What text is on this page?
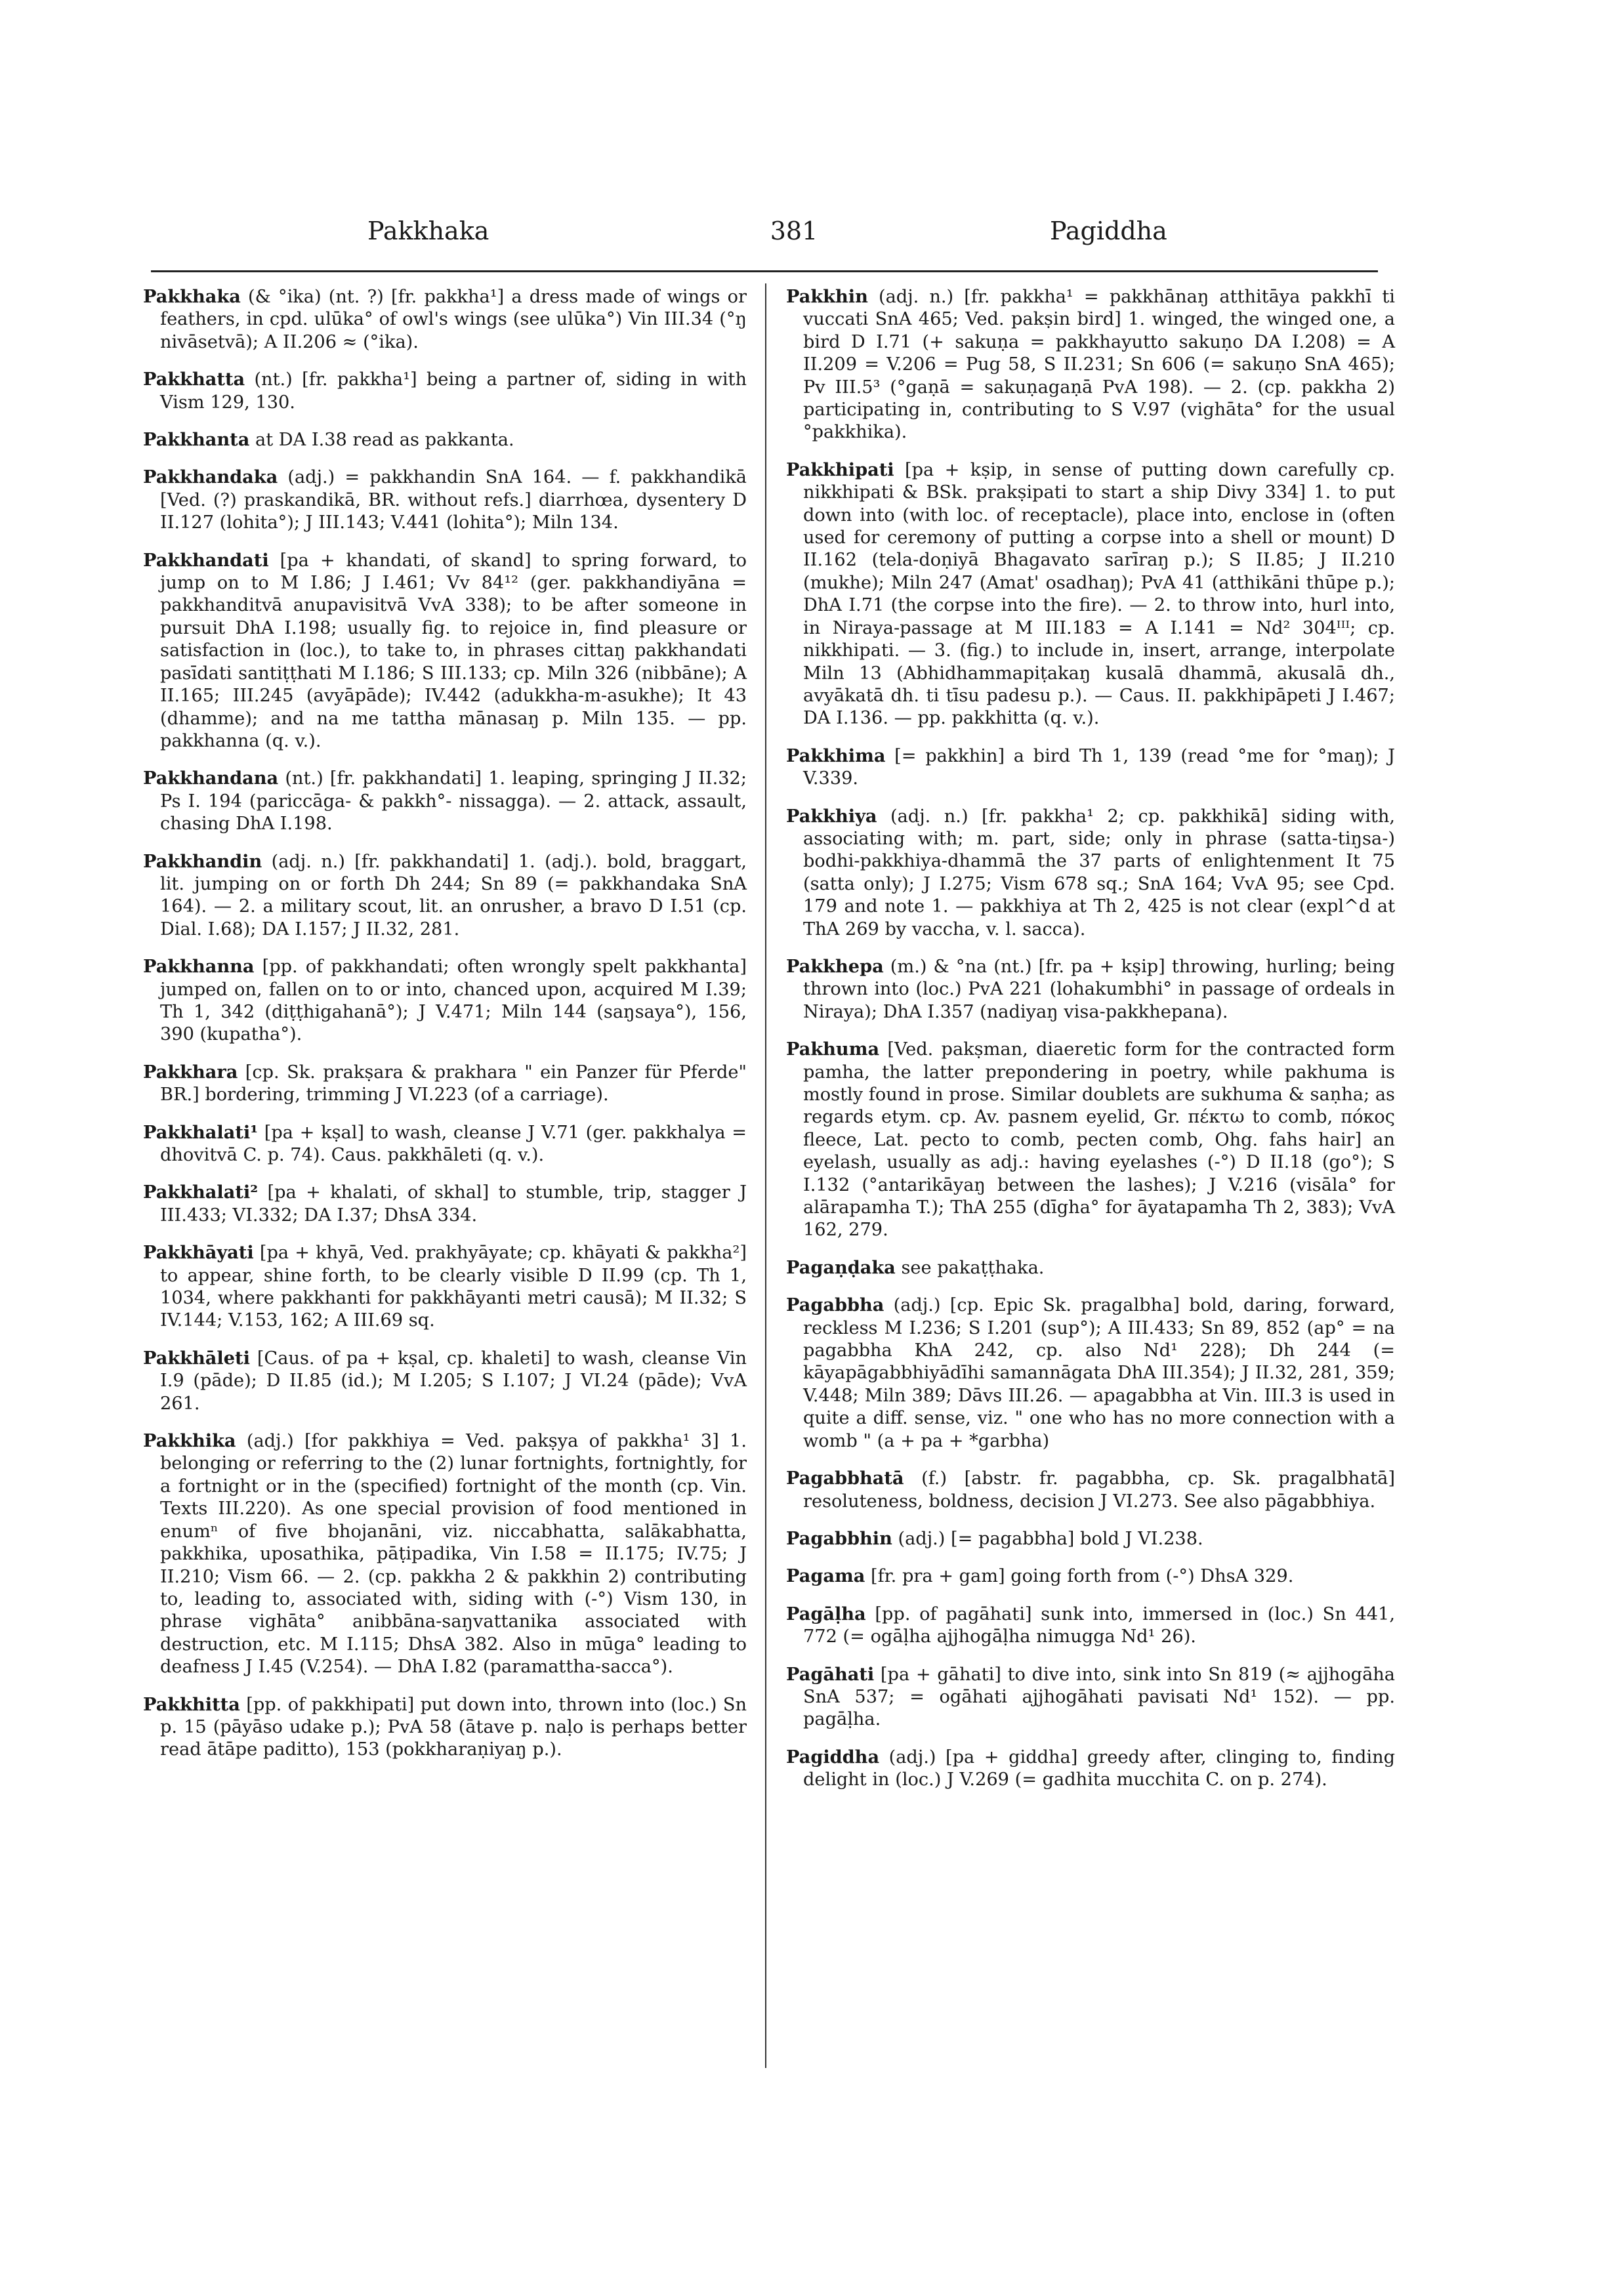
Pakkhaka	381	Pagiddha

Pakkhaka (& °ika) (nt. ?) [fr. pakkha¹] a dress made of wings or feathers, in cpd. ulūka° of owl's wings (see ulūka°) Vin III.34 (°ŋ nivāsetvā); A II.206 ≈ (°ika).

Pakkhatta (nt.) [fr. pakkha¹] being a partner of, siding in with Vism 129, 130.

Pakkhanta at DA I.38 read as pakkanta.

Pakkhandaka (adj.) = pakkhandin SnA 164. — f. pakkhandikā [Ved. (?) praskandikā, BR. without refs.] diarrhœa, dysentery D II.127 (lohita°); J III.143; V.441 (lohita°); Miln 134.

Pakkhandati [pa + khandati, of skand] to spring forward, to jump on to M I.86; J I.461; Vv 84¹² (ger. pakkhandiyāna = pakkhanditvā anupavisitvā VvA 338); to be after someone in pursuit DhA I.198; usually fig. to rejoice in, find pleasure or satisfaction in (loc.), to take to, in phrases cittaŋ pakkhandati pasīdati santiṭṭhati M I.186; S III.133; cp. Miln 326 (nibbāne); A II.165; III.245 (avyāpāde); IV.442 (adukkha-m-asukhe); It 43 (dhamme); and na me tattha mānasaŋ p. Miln 135. — pp. pakkhanna (q. v.).

Pakkhandana (nt.) [fr. pakkhandati] 1. leaping, springing J II.32; Ps I. 194 (pariccāga- & pakkh°- nissagga). — 2. attack, assault, chasing DhA I.198.

Pakkhandin (adj. n.) [fr. pakkhandati] 1. (adj.). bold, braggart, lit. jumping on or forth Dh 244; Sn 89 (= pakkhandaka SnA 164). — 2. a military scout, lit. an onrusher, a bravo D I.51 (cp. Dial. I.68); DA I.157; J II.32, 281.

Pakkhanna [pp. of pakkhandati; often wrongly spelt pakkhanta] jumped on, fallen on to or into, chanced upon, acquired M I.39; Th 1, 342 (diṭṭhigahanā°); J V.471; Miln 144 (saŋsaya°), 156, 390 (kupatha°).

Pakkhara [cp. Sk. prakṣara & prakhara " ein Panzer für Pferde" BR.] bordering, trimming J VI.223 (of a carriage).

Pakkhalati¹ [pa + kṣal] to wash, cleanse J V.71 (ger. pakkhalya = dhovitvā C. p. 74). Caus. pakkhāleti (q. v.).

Pakkhalati² [pa + khalati, of skhal] to stumble, trip, stagger J III.433; VI.332; DA I.37; DhsA 334.

Pakkhāyati [pa + khyā, Ved. prakhyāyate; cp. khāyati & pakkha²] to appear, shine forth, to be clearly visible D II.99 (cp. Th 1, 1034, where pakkhanti for pakkhāyanti metri causā); M II.32; S IV.144; V.153, 162; A III.69 sq.

Pakkhāleti [Caus. of pa + kṣal, cp. khaleti] to wash, cleanse Vin I.9 (pāde); D II.85 (id.); M I.205; S I.107; J VI.24 (pāde); VvA 261.

Pakkhika (adj.) [for pakkhiya = Ved. pakṣya of pakkha¹ 3] 1. belonging or referring to the (2) lunar fortnights, fortnightly, for a fortnight or in the (specified) fortnight of the month (cp. Vin. Texts III.220). As one special provision of food mentioned in enumⁿ of five bhojanāni, viz. niccabhatta, salākabhatta, pakkhika, uposathika, pāṭipadika, Vin I.58 = II.175; IV.75; J II.210; Vism 66. — 2. (cp. pakkha 2 & pakkhin 2) contributing to, leading to, associated with, siding with (-°) Vism 130, in phrase vighāta° anibbāna-saŋvattanika associated with destruction, etc. M I.115; DhsA 382. Also in mūga° leading to deafness J I.45 (V.254). — DhA I.82 (paramattha-sacca°).

Pakkhitta [pp. of pakkhipati] put down into, thrown into (loc.) Sn p. 15 (pāyāso udake p.); PvA 58 (ātave p. naḷo is perhaps better read ātāpe paditto), 153 (pokkharaṇiyaŋ p.).

Pakkhin (adj. n.) [fr. pakkha¹ = pakkhānaŋ atthitāya pakkhī ti vuccati SnA 465; Ved. pakṣin bird] 1. winged, the winged one, a bird D I.71 (+ sakuṇa = pakkhayutto sakuṇo DA I.208) = A II.209 = V.206 = Pug 58, S II.231; Sn 606 (= sakuṇo SnA 465); Pv III.5³ (°gaṇā = sakuṇagaṇā PvA 198). — 2. (cp. pakkha 2) participating in, contributing to S V.97 (vighāta° for the usual °pakkhika).

Pakkhipati [pa + kṣip, in sense of putting down carefully cp. nikkhipati & BSk. prakṣipati to start a ship Divy 334] 1. to put down into (with loc. of receptacle), place into, enclose in (often used for ceremony of putting a corpse into a shell or mount) D II.162 (tela-doṇiyā Bhagavato sarīraŋ p.); S II.85; J II.210 (mukhe); Miln 247 (Amat' osadhaŋ); PvA 41 (atthikāni thūpe p.); DhA I.71 (the corpse into the fire). — 2. to throw into, hurl into, in Niraya-passage at M III.183 = A I.141 = Nd² 304ᴵᴵᴵ; cp. nikkhipati. — 3. (fig.) to include in, insert, arrange, interpolate Miln 13 (Abhidhammapiṭakaŋ kusalā dhammā, akusalā dh., avyākatā dh. ti tīsu padesu p.). — Caus. II. pakkhipāpeti J I.467; DA I.136. — pp. pakkhitta (q. v.).

Pakkhima [= pakkhin] a bird Th 1, 139 (read °me for °maŋ); J V.339.

Pakkhiya (adj. n.) [fr. pakkha¹ 2; cp. pakkhikā] siding with, associating with; m. part, side; only in phrase (satta-tiŋsa-) bodhi-pakkhiya-dhammā the 37 parts of enlightenment It 75 (satta only); J I.275; Vism 678 sq.; SnA 164; VvA 95; see Cpd. 179 and note 1. — pakkhiya at Th 2, 425 is not clear (expl^d at ThA 269 by vaccha, v. l. sacca).

Pakkhepa (m.) & °na (nt.) [fr. pa + kṣip] throwing, hurling; being thrown into (loc.) PvA 221 (lohakumbhi° in passage of ordeals in Niraya); DhA I.357 (nadiyaŋ visa-pakkhepana).

Pakhuma [Ved. pakṣman, diaeretic form for the contracted form pamha, the latter prepondering in poetry, while pakhuma is mostly found in prose. Similar doublets are sukhuma & saṇha; as regards etym. cp. Av. pasnem eyelid, Gr. πέκτω to comb, πόκος fleece, Lat. pecto to comb, pecten comb, Ohg. fahs hair] an eyelash, usually as adj.: having eyelashes (-°) D II.18 (go°); S I.132 (°antarikāyaŋ between the lashes); J V.216 (visāla° for alārapamha T.); ThA 255 (dīgha° for āyatapamha Th 2, 383); VvA 162, 279.

Pagaṇḍaka see pakaṭṭhaka.

Pagabbha (adj.) [cp. Epic Sk. pragalbha] bold, daring, forward, reckless M I.236; S I.201 (sup°); A III.433; Sn 89, 852 (ap° = na pagabbha KhA 242, cp. also Nd¹ 228); Dh 244 (= kāyapāgabbhiyādīhi samannāgata DhA III.354); J II.32, 281, 359; V.448; Miln 389; Dāvs III.26. — apagabbha at Vin. III.3 is used in quite a diff. sense, viz. " one who has no more connection with a womb " (a + pa + *garbha)

Pagabbhatā (f.) [abstr. fr. pagabbha, cp. Sk. pragalbhatā] resoluteness, boldness, decision J VI.273. See also pāgabbhiya.

Pagabbhin (adj.) [= pagabbha] bold J VI.238.

Pagama [fr. pra + gam] going forth from (-°) DhsA 329.

Pagāḷha [pp. of pagāhati] sunk into, immersed in (loc.) Sn 441, 772 (= ogāḷha ajjhogāḷha nimugga Nd¹ 26).

Pagāhati [pa + gāhati] to dive into, sink into Sn 819 (≈ ajjhogāha SnA 537; = ogāhati ajjhogāhati pavisati Nd¹ 152). — pp. pagāḷha.

Pagiddha (adj.) [pa + giddha] greedy after, clinging to, finding delight in (loc.) J V.269 (= gadhita mucchita C. on p. 274).
